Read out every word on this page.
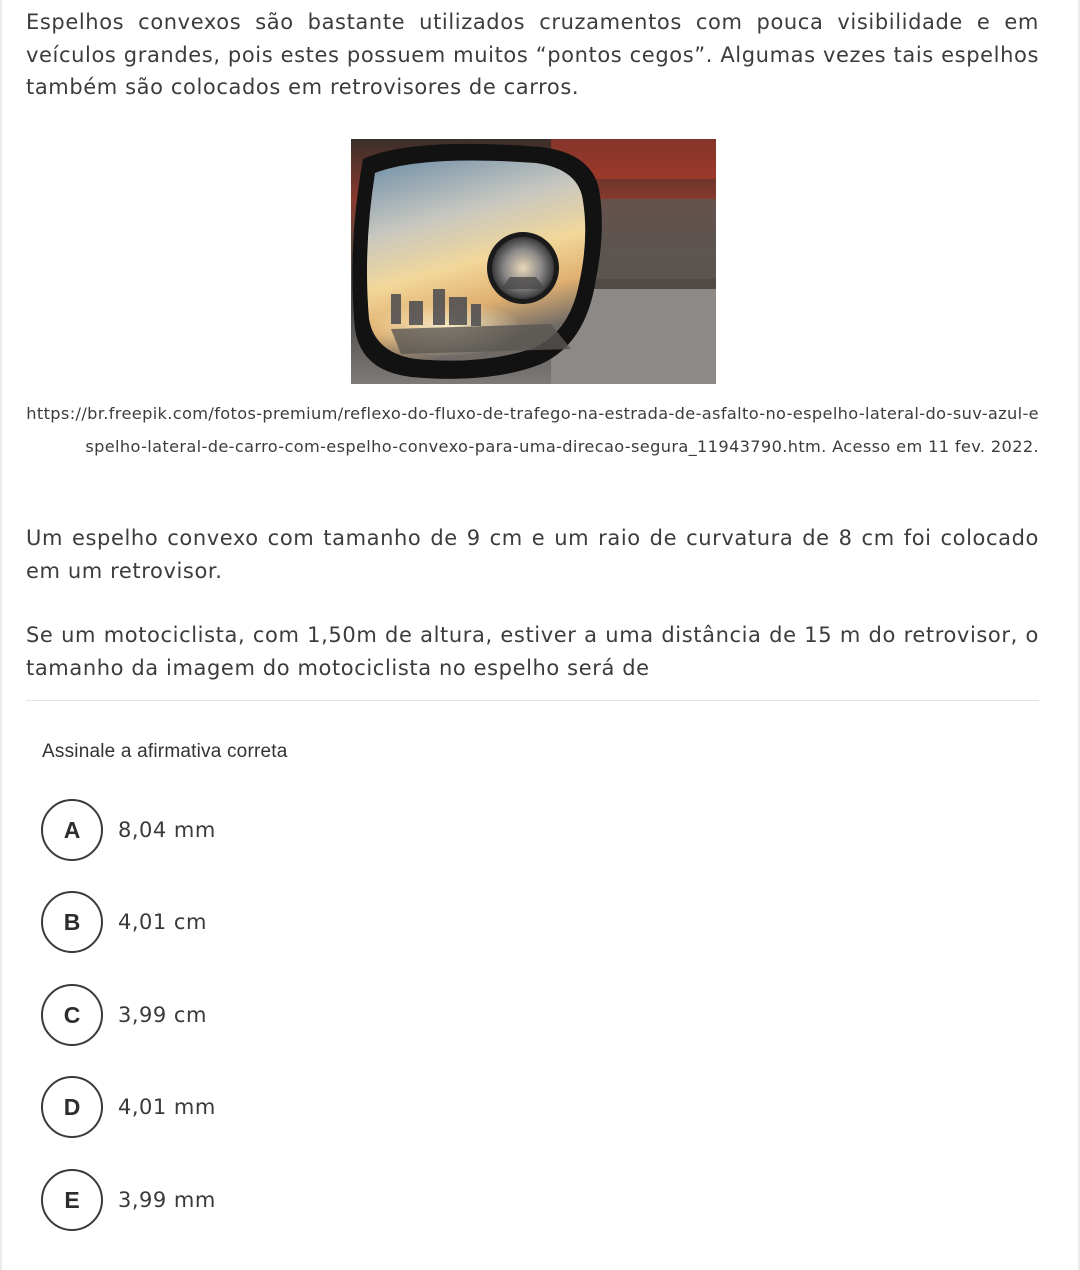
Espelhos convexos são bastante utilizados cruzamentos com pouca visibilidade e em veículos grandes, pois estes possuem muitos “pontos cegos”. Algumas vezes tais espelhos também são colocados em retrovisores de carros.

https://br.freepik.com/fotos-premium/reflexo-do-fluxo-de-trafego-na-estrada-de-asfalto-no-espelho-lateral-do-suv-azul-espelho-lateral-de-carro-com-espelho-convexo-para-uma-direcao-segura_11943790.htm. Acesso em 11 fev. 2022.

Um espelho convexo com tamanho de 9 cm e um raio de curvatura de 8 cm foi colocado em um retrovisor.

Se um motociclista, com 1,50m de altura, estiver a uma distância de 15 m do retrovisor, o tamanho da imagem do motociclista no espelho será de

Assinale a afirmativa correta

A	8,04 mm
B	4,01 cm
C	3,99 cm
D	4,01 mm
E	3,99 mm
